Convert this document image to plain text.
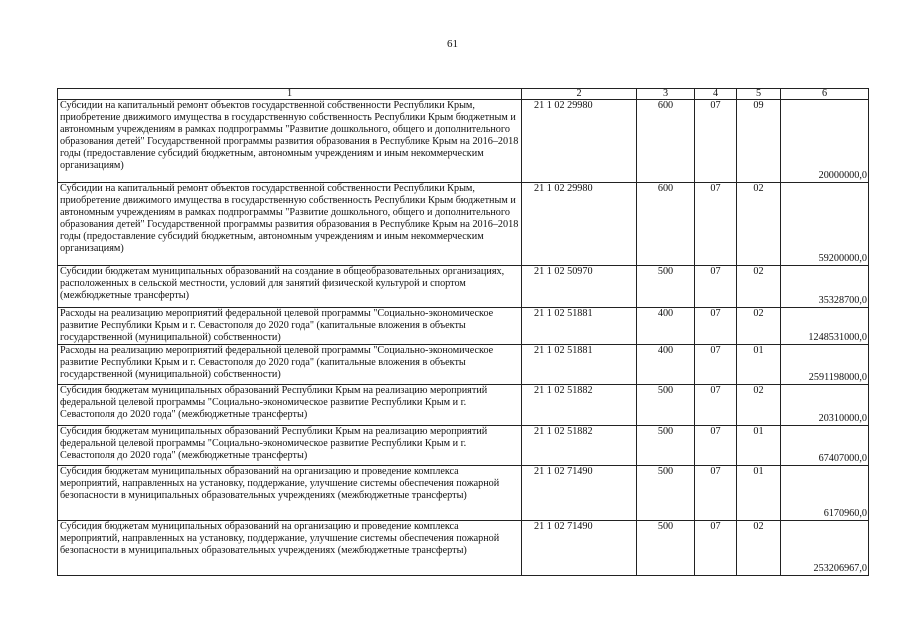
61
1	2	3	4	5	6
Субсидии на капитальный ремонт объектов государственной собственности Республики Крым, приобретение движимого имущества в государственную собственность Республики Крым бюджетным и автономным учреждениям в рамках подпрограммы "Развитие дошкольного, общего и дополнительного образования детей" Государственной программы развития образования в Республике Крым на 2016–2018 годы (предоставление субсидий бюджетным, автономным учреждениям и иным некоммерческим организациям)	21 1 02 29980	600	07	09	20000000,0
Субсидии на капитальный ремонт объектов государственной собственности Республики Крым, приобретение движимого имущества в государственную собственность Республики Крым бюджетным и автономным учреждениям в рамках подпрограммы "Развитие дошкольного, общего и дополнительного образования детей" Государственной программы развития образования в Республике Крым на 2016–2018 годы (предоставление субсидий бюджетным, автономным учреждениям и иным некоммерческим организациям)	21 1 02 29980	600	07	02	59200000,0
Субсидии бюджетам муниципальных образований на создание в общеобразовательных организациях, расположенных в сельской местности, условий для занятий физической культурой и спортом (межбюджетные трансферты)	21 1 02 50970	500	07	02	35328700,0
Расходы на реализацию мероприятий федеральной целевой программы "Социально-экономическое развитие Республики Крым и г. Севастополя до 2020 года" (капитальные вложения в объекты государственной (муниципальной) собственности)	21 1 02 51881	400	07	02	1248531000,0
Расходы на реализацию мероприятий федеральной целевой программы "Социально-экономическое развитие Республики Крым и г. Севастополя до 2020 года" (капитальные вложения в объекты государственной (муниципальной) собственности)	21 1 02 51881	400	07	01	2591198000,0
Субсидия бюджетам муниципальных образований Республики Крым на реализацию мероприятий федеральной целевой программы "Социально-экономическое развитие Республики Крым и г. Севастополя до 2020 года" (межбюджетные трансферты)	21 1 02 51882	500	07	02	20310000,0
Субсидия бюджетам муниципальных образований Республики Крым на реализацию мероприятий федеральной целевой программы "Социально-экономическое развитие Республики Крым и г. Севастополя до 2020 года" (межбюджетные трансферты)	21 1 02 51882	500	07	01	67407000,0
Субсидия бюджетам муниципальных образований на организацию и проведение комплекса мероприятий, направленных на установку, поддержание, улучшение системы обеспечения пожарной безопасности в муниципальных образовательных учреждениях (межбюджетные трансферты)	21 1 02 71490	500	07	01	6170960,0
Субсидия бюджетам муниципальных образований на организацию и проведение комплекса мероприятий, направленных на установку, поддержание, улучшение системы обеспечения пожарной безопасности в муниципальных образовательных учреждениях (межбюджетные трансферты)	21 1 02 71490	500	07	02	253206967,0
